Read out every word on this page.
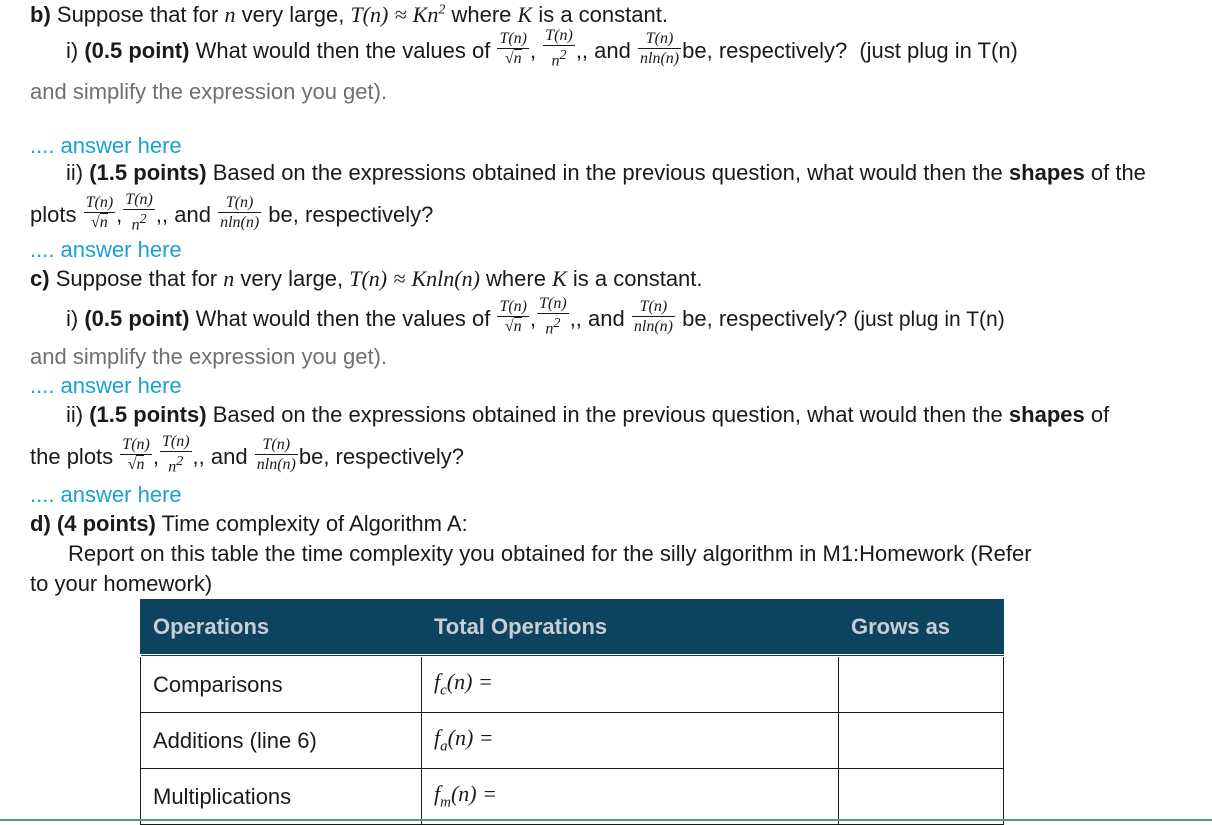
b) Suppose that for n very large, $T(n) \approx Kn^2$ where K is a constant.
i) (0.5 point) What would then the values of $\frac{T(n)}{√n}$ , $\frac{T(n)}{n2}$ ,, and $\frac{T(n)}{nln(n)}$ be, respectively? (just plug in T(n)
and simplify the expression you get).
.... answer here
ii) (1.5 points) Based on the expressions obtained in the previous question, what would then the shapes of the
plots $\frac{T(n)}{√n}$ , $\frac{T(n)}{n2}$ ,, and $\frac{T(n)}{nln(n)}$ be, respectively?
.... answer here
c) Suppose that for n very large, T(n) ≈ Knln(n) where K is a constant.
i) (0.5 point) What would then the values of $\frac{T(n)}{√n}$ , $\frac{T(n)}{n2}$ ,, and $\frac{T(n)}{nln(n)}$ be, respectively? (just plug in T(n)
and simplify the expression you get).
.... answer here
ii) (1.5 points) Based on the expressions obtained in the previous question, what would then the shapes of
the plots $\frac{T(n)}{√n}$ , $\frac{T(n)}{n2}$ ,, and $\frac{T(n)}{nln(n)}$ be, respectively?
.... answer here
d) (4 points) Time complexity of Algorithm A:
Report on this table the time complexity you obtained for the silly algorithm in M1:Homework (Refer
to your homework)
Operations	Total Operations	Grows as
Comparisons	$f_c(n)$ =	
Additions (line 6)	$f_a(n)$ =	
Multiplications	$f_m(n)$ =	
